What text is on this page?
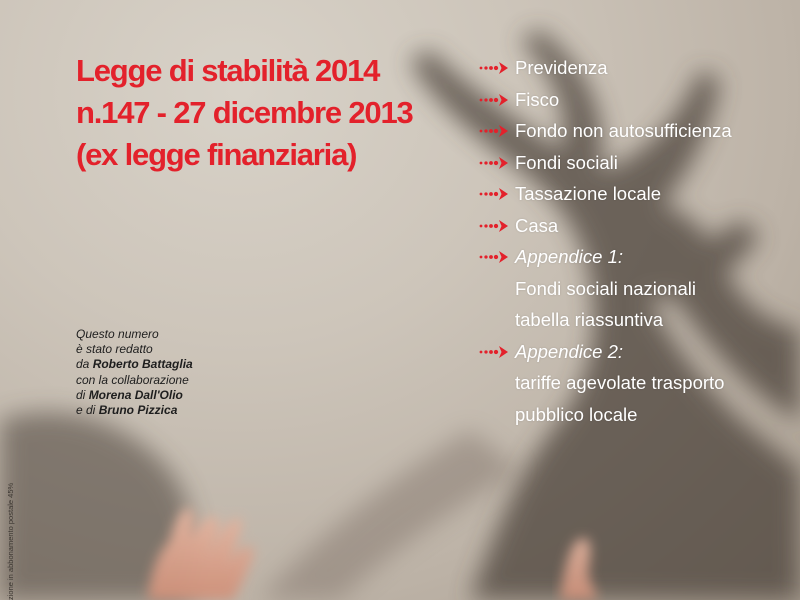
Legge di stabilità 2014
n.147 - 27 dicembre 2013
(ex legge finanziaria)
Previdenza
Fisco
Fondo non autosufficienza
Fondi sociali
Tassazione locale
Casa
Appendice 1:
Fondi sociali nazionali
tabella riassuntiva
Appendice 2:
tariffe agevolate trasporto
pubblico locale
Questo numero
è stato redatto
da Roberto Battaglia
con la collaborazione
di Morena Dall'Olio
e di Bruno Pizzica
zione in abbonamento postale 45%
